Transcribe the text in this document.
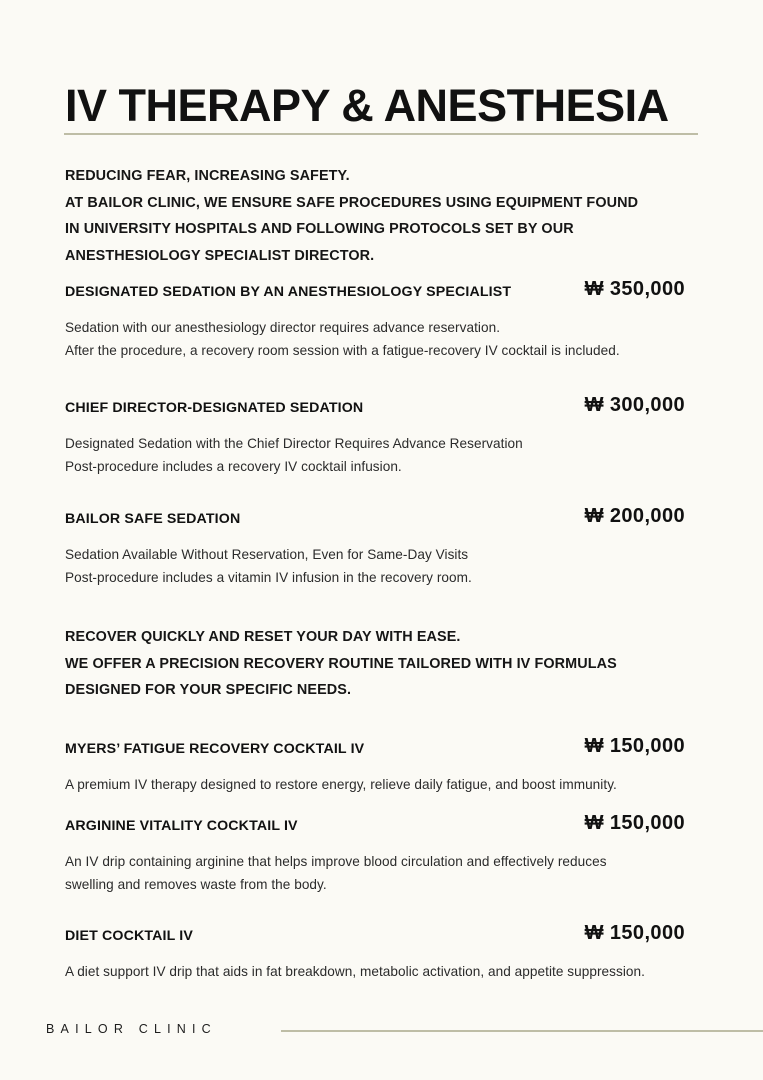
IV THERAPY & ANESTHESIA
REDUCING FEAR, INCREASING SAFETY.
AT BAILOR CLINIC, WE ENSURE SAFE PROCEDURES USING EQUIPMENT FOUND
IN UNIVERSITY HOSPITALS AND FOLLOWING PROTOCOLS SET BY OUR
ANESTHESIOLOGY SPECIALIST DIRECTOR.
DESIGNATED SEDATION BY AN ANESTHESIOLOGY SPECIALIST	₩ 350,000
Sedation with our anesthesiology director requires advance reservation.
After the procedure, a recovery room session with a fatigue-recovery IV cocktail is included.
CHIEF DIRECTOR-DESIGNATED SEDATION	₩ 300,000
Designated Sedation with the Chief Director Requires Advance Reservation
Post-procedure includes a recovery IV cocktail infusion.
BAILOR SAFE SEDATION	₩ 200,000
Sedation Available Without Reservation, Even for Same-Day Visits
Post-procedure includes a vitamin IV infusion in the recovery room.
RECOVER QUICKLY AND RESET YOUR DAY WITH EASE.
WE OFFER A PRECISION RECOVERY ROUTINE TAILORED WITH IV FORMULAS
DESIGNED FOR YOUR SPECIFIC NEEDS.
MYERS’ FATIGUE RECOVERY COCKTAIL IV	₩ 150,000
A premium IV therapy designed to restore energy, relieve daily fatigue, and boost immunity.
ARGININE VITALITY COCKTAIL IV	₩ 150,000
An IV drip containing arginine that helps improve blood circulation and effectively reduces
swelling and removes waste from the body.
DIET COCKTAIL IV	₩ 150,000
A diet support IV drip that aids in fat breakdown, metabolic activation, and appetite suppression.
BAILOR CLINIC
